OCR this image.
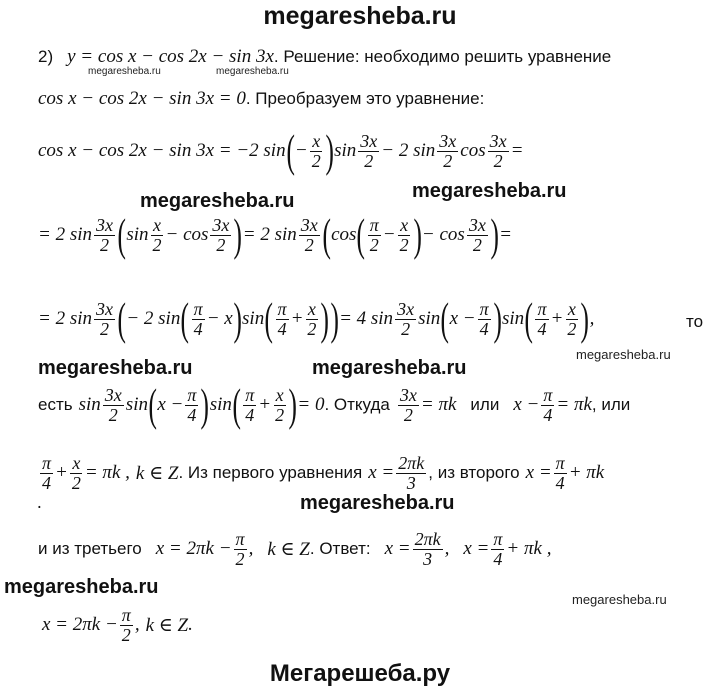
megaresheba.ru
2) y = cos x − cos 2x − sin 3x . Решение: необходимо решить уравнение
megaresheba.ru	megaresheba.ru
cos x − cos 2x − sin 3x = 0 . Преобразуем это уравнение:
cos x − cos 2x − sin 3x = −2 sin ( − $\frac{x}{2}$ ) $\sin \frac{3x}{2} - 2$ $\sin \frac{3x}{2}$ $\cos \frac{3x}{2}$ =
megaresheba.ru	megaresheba.ru
= 2 $\sin \frac{3x}{2}$ ( $\sin \frac{x}{2} - \cos \frac{3x}{2}$ ) = 2 $\sin \frac{3x}{2}$ ( cos ( $\frac{\pi}{2} - \frac{x}{2}$ ) − $\cos \frac{3x}{2}$ ) =
= 2 $\sin \frac{3x}{2}$ ( − 2 sin ( $\frac{\pi}{4} - x$ ) sin ( $\frac{\pi}{4} + \frac{x}{2}$ ) ) = 4 $\sin \frac{3x}{2}$ sin ( $x - \frac{\pi}{4}$ ) sin ( $\frac{\pi}{4} + \frac{x}{2}$ ) ,	то
megaresheba.ru	megaresheba.ru
megaresheba.ru
есть $\sin \frac{3x}{2}$ sin ( $x - \frac{\pi}{4}$ ) sin ( $\frac{\pi}{4} + \frac{x}{2}$ ) = 0 . Откуда $\frac{3x}{2} = \pi k$ или $x - \frac{\pi}{4} = \pi k$ , или
$\frac{\pi}{4} + \frac{x}{2} = \pi k$ , k ∈ Z . Из первого уравнения $x = \frac{2\pi k}{3}$ , из второго $x = \frac{\pi}{4} + \pi k$
˙	megaresheba.ru
и из третьего $x = 2\pi k - \frac{\pi}{2}$ , k ∈ Z . Ответ: $x = \frac{2\pi k}{3}$ , $x = \frac{\pi}{4} + \pi k$ ,
megaresheba.ru
megaresheba.ru
$x = 2\pi k - \frac{\pi}{2}$ , k ∈ Z .
Мегарешеба.ру
